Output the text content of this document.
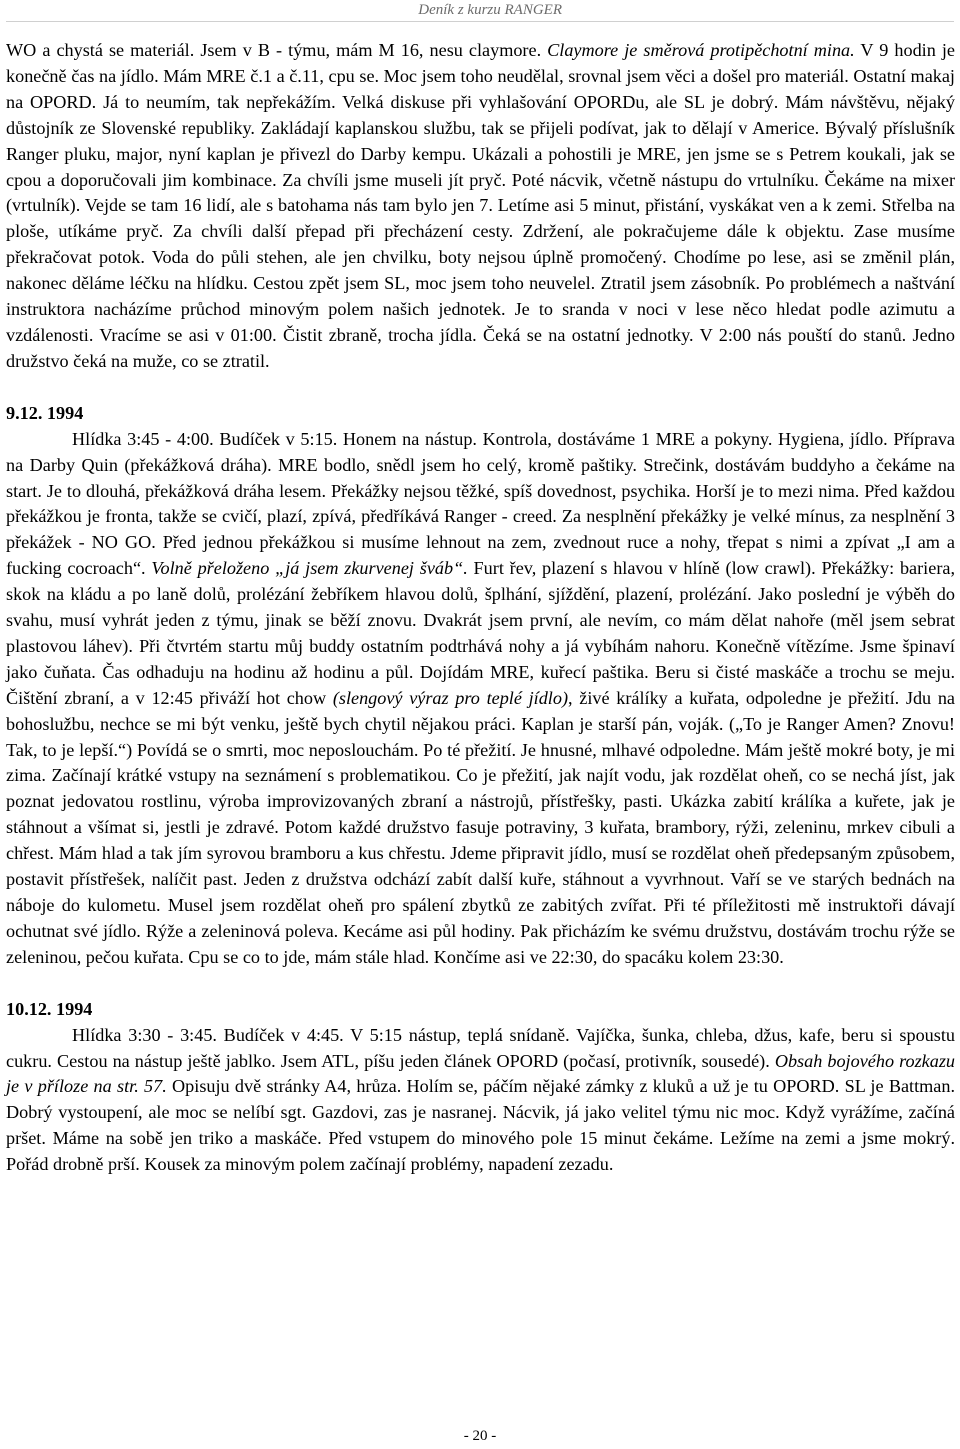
Deník z kurzu RANGER

WO a chystá se materiál. Jsem v B - týmu, mám M 16, nesu claymore. Claymore je směrová protipěchotní mina. V 9 hodin je konečně čas na jídlo. Mám MRE č.1 a č.11, cpu se. Moc jsem toho neudělal, srovnal jsem věci a došel pro materiál. Ostatní makaj na OPORD. Já to neumím, tak nepřekážím. Velká diskuse při vyhlašování OPORDu, ale SL je dobrý. Mám návštěvu, nějaký důstojník ze Slovenské republiky. Zakládají kaplanskou službu, tak se přijeli podívat, jak to dělají v Americe. Bývalý příslušník Ranger pluku, major, nyní kaplan je přivezl do Darby kempu. Ukázali a pohostili je MRE, jen jsme se s Petrem koukali, jak se cpou a doporučovali jim kombinace. Za chvíli jsme museli jít pryč. Poté nácvik, včetně nástupu do vrtulníku. Čekáme na mixer (vrtulník). Vejde se tam 16 lidí, ale s batohama nás tam bylo jen 7. Letíme asi 5 minut, přistání, vyskákat ven a k zemi. Střelba na ploše, utíkáme pryč. Za chvíli další přepad při přecházení cesty. Zdržení, ale pokračujeme dále k objektu. Zase musíme překračovat potok. Voda do půli stehen, ale jen chvilku, boty nejsou úplně promočený. Chodíme po lese, asi se změnil plán, nakonec děláme léčku na hlídku. Cestou zpět jsem SL, moc jsem toho neuvelel. Ztratil jsem zásobník. Po problémech a naštvání instruktora nacházíme průchod minovým polem našich jednotek. Je to sranda v noci v lese něco hledat podle azimutu a vzdálenosti. Vracíme se asi v 01:00. Čistit zbraně, trocha jídla. Čeká se na ostatní jednotky. V 2:00 nás pouští do stanů. Jedno družstvo čeká na muže, co se ztratil.

9.12. 1994

Hlídka 3:45 - 4:00. Budíček v 5:15. Honem na nástup. Kontrola, dostáváme 1 MRE a pokyny. Hygiena, jídlo. Příprava na Darby Quin (překážková dráha). MRE bodlo, snědl jsem ho celý, kromě paštiky. Strečink, dostávám buddyho a čekáme na start. Je to dlouhá, překážková dráha lesem. Překážky nejsou těžké, spíš dovednost, psychika. Horší je to mezi nima. Před každou překážkou je fronta, takže se cvičí, plazí, zpívá, předříkává Ranger - creed. Za nesplnění překážky je velké mínus, za nesplnění 3 překážek - NO GO. Před jednou překážkou si musíme lehnout na zem, zvednout ruce a nohy, třepat s nimi a zpívat „I am a fucking cocroach“. Volně přeloženo „já jsem zkurvenej šváb“. Furt řev, plazení s hlavou v hlíně (low crawl). Překážky: bariera, skok na kládu a po laně dolů, prolézání žebříkem hlavou dolů, šplhání, sjíždění, plazení, prolézání. Jako poslední je výběh do svahu, musí vyhrát jeden z týmu, jinak se běží znovu. Dvakrát jsem první, ale nevím, co mám dělat nahoře (měl jsem sebrat plastovou láhev). Při čtvrtém startu můj buddy ostatním podtrhává nohy a já vybíhám nahoru. Konečně vítězíme. Jsme špinaví jako čuňata. Čas odhaduju na hodinu až hodinu a půl. Dojídám MRE, kuřecí paštika. Beru si čisté maskáče a trochu se meju. Čištění zbraní, a v 12:45 přiváží hot chow (slengový výraz pro teplé jídlo), živé králíky a kuřata, odpoledne je přežití. Jdu na bohoslužbu, nechce se mi být venku, ještě bych chytil nějakou práci. Kaplan je starší pán, voják. („To je Ranger Amen? Znovu! Tak, to je lepší.“) Povídá se o smrti, moc neposlouchám. Po té přežití. Je hnusné, mlhavé odpoledne. Mám ještě mokré boty, je mi zima. Začínají krátké vstupy na seznámení s problematikou. Co je přežití, jak najít vodu, jak rozdělat oheň, co se nechá jíst, jak poznat jedovatou rostlinu, výroba improvizovaných zbraní a nástrojů, přístřešky, pasti. Ukázka zabití králíka a kuřete, jak je stáhnout a všímat si, jestli je zdravé. Potom každé družstvo fasuje potraviny, 3 kuřata, brambory, rýži, zeleninu, mrkev cibuli a chřest. Mám hlad a tak jím syrovou bramboru a kus chřestu. Jdeme připravit jídlo, musí se rozdělat oheň předepsaným způsobem, postavit přístřešek, nalíčit past. Jeden z družstva odchází zabít další kuře, stáhnout a vyvrhnout. Vaří se ve starých bednách na náboje do kulometu. Musel jsem rozdělat oheň pro spálení zbytků ze zabitých zvířat. Při té příležitosti mě instruktoři dávají ochutnat své jídlo. Rýže a zeleninová polevа. Kecáme asi půl hodiny. Pak přicházím ke svému družstvu, dostávám trochu rýže se zeleninou, pečou kuřata. Cpu se co to jde, mám stále hlad. Končíme asi ve 22:30, do spacáku kolem 23:30.

10.12. 1994

Hlídka 3:30 - 3:45. Budíček v 4:45. V 5:15 nástup, teplá snídaně. Vajíčka, šunka, chleba, džus, kafe, beru si spoustu cukru. Cestou na nástup ještě jablko. Jsem ATL, píšu jeden článek OPORD (počasí, protivník, sousedé). Obsah bojového rozkazu je v příloze na str. 57. Opisuju dvě stránky A4, hrůza. Holím se, páčím nějaké zámky z kluků a už je tu OPORD. SL je Battman. Dobrý vystoupení, ale moc se nelíbí sgt. Gazdovi, zas je nasranej. Nácvik, já jako velitel týmu nic moc. Když vyrážíme, začíná pršet. Máme na sobě jen triko a maskáče. Před vstupem do minového pole 15 minut čekáme. Ležíme na zemi a jsme mokrý. Pořád drobně prší. Kousek za minovým polem začínají problémy, napadení zezadu.

- 20 -
